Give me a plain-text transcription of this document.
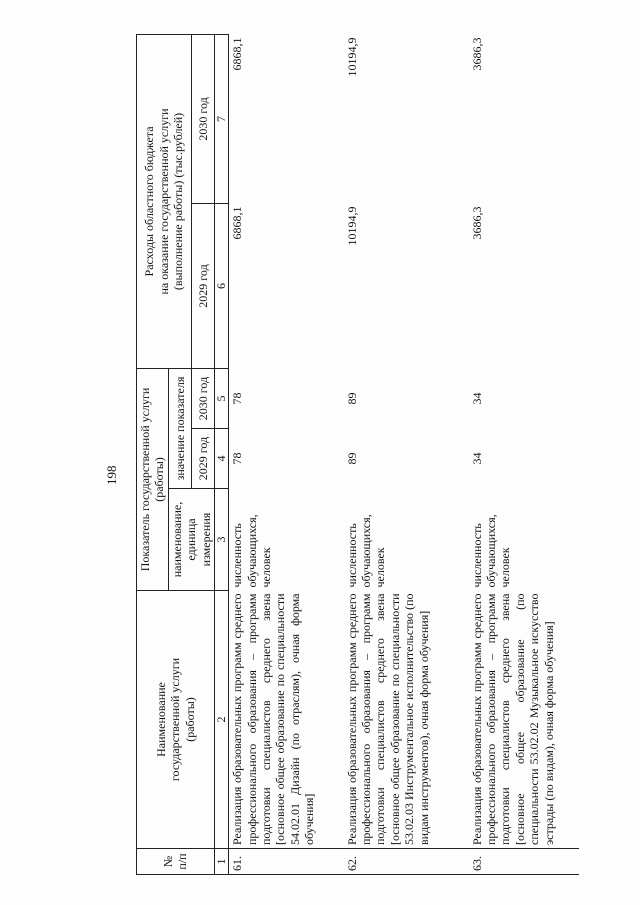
198
№
п/п	Наименование
государственной услуги
(работы)	Показатель государственной услуги (работы)			Расходы областного бюджета
на оказание государственной услуги
(выполнение работы) (тыс.рублей)	
		наименование,
единица
измерения	значение показателя			
			2029 год	2030 год	2029 год	2030 год
1	2	3	4	5	6	7
61.	Реализация образовательных программ среднего профессионального образования – программ подготовки специалистов среднего звена [основное общее образование по специальности 54.02.01 Дизайн (по отраслям), очная форма обучения]	численность обучающихся, человек	78	78	6868,1	6868,1
62.	Реализация образовательных программ среднего профессионального образования – программ подготовки специалистов среднего звена [основное общее образование по специальности 53.02.03 Инструментальное исполнительство (по видам инструментов), очная форма обучения]	численность обучающихся, человек	89	89	10194,9	10194,9
63.	Реализация образовательных программ среднего профессионального образования – программ подготовки специалистов среднего звена [основное общее образование (по специальности 53.02.02 Музыкальное искусство эстрады (по видам), очная форма обучения]	численность обучающихся, человек	34	34	3686,3	3686,3
